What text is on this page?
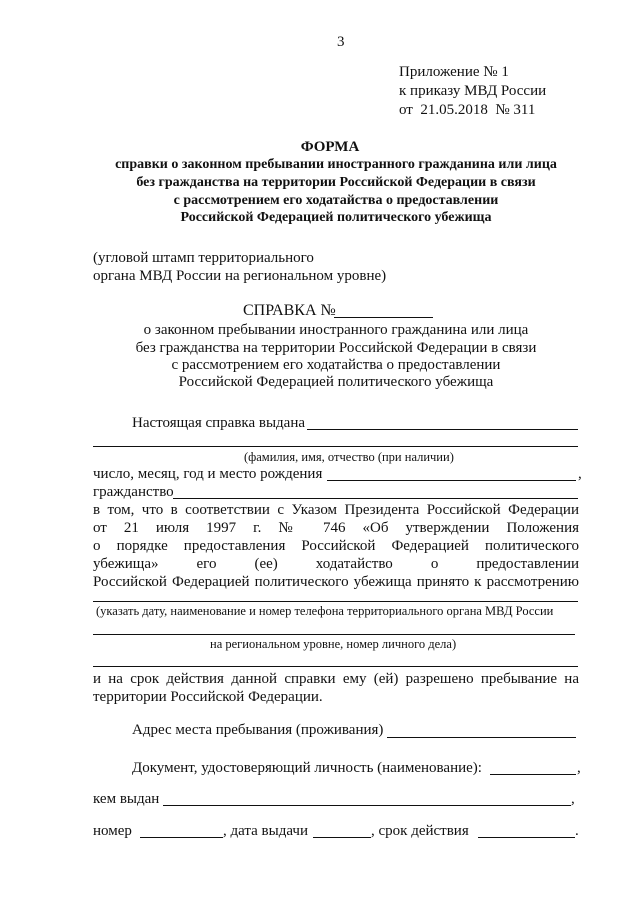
3
Приложение № 1
к приказу МВД России
от 21.05.2018 № 311
ФОРМА
справки о законном пребывании иностранного гражданина или лица
без гражданства на территории Российской Федерации в связи
с рассмотрением его ходатайства о предоставлении
Российской Федерацией политического убежища
(угловой штамп территориального
органа МВД России на региональном уровне)
СПРАВКА №
о законном пребывании иностранного гражданина или лица
без гражданства на территории Российской Федерации в связи
с рассмотрением его ходатайства о предоставлении
Российской Федерацией политического убежища
Настоящая справка выдана
(фамилия, имя, отчество (при наличии)
число, месяц, год и место рождения	,
гражданство
в том, что в соответствии с Указом Президента Российской Федерации
от 21 июля 1997 г. № 746 «Об утверждении Положения
о порядке предоставления Российской Федерацией политического
убежища» его (ее) ходатайство о предоставлении
Российской Федерацией политического убежища принято к рассмотрению
(указать дату, наименование и номер телефона территориального органа МВД России
на региональном уровне, номер личного дела)
и на срок действия данной справки ему (ей) разрешено пребывание на
территории Российской Федерации.
Адрес места пребывания (проживания)
Документ, удостоверяющий личность (наименование):	,
кем выдан	,
номер	, дата выдачи	, срок действия	.
